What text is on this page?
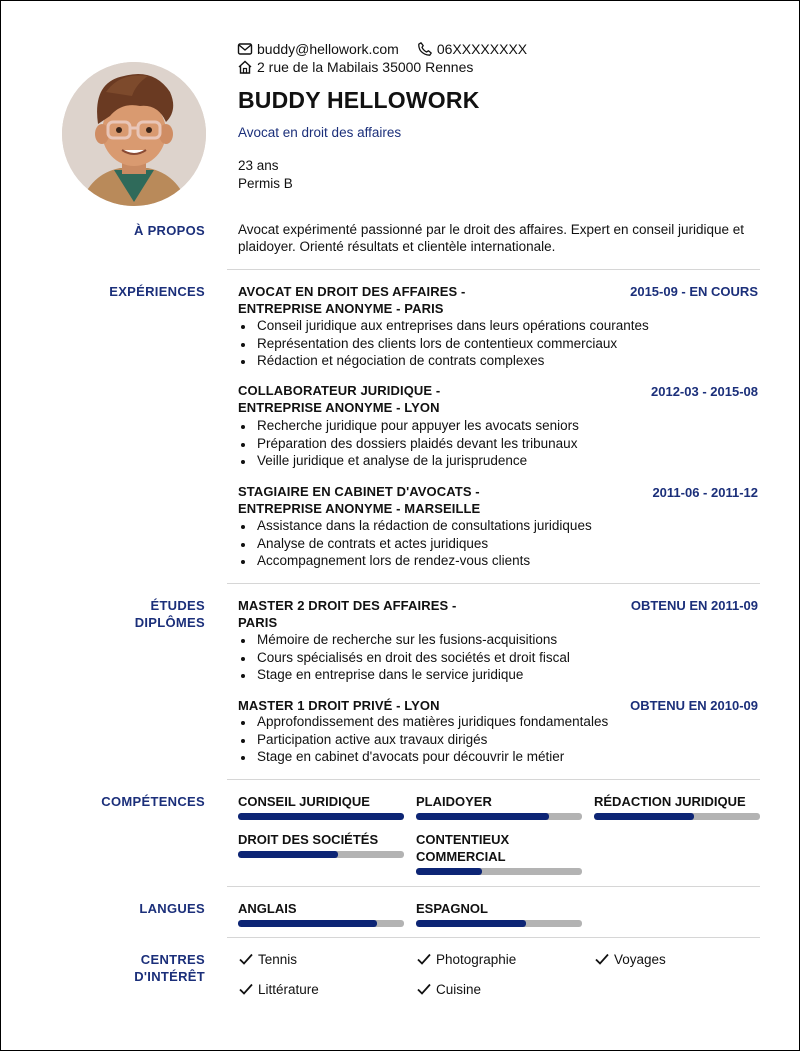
buddy@hellowork.com	06XXXXXXXX
2 rue de la Mabilais 35000 Rennes
BUDDY HELLOWORK
Avocat en droit des affaires
23 ans
Permis B
À PROPOS Avocat expérimenté passionné par le droit des affaires. Expert en conseil juridique et plaidoyer. Orienté résultats et clientèle internationale.
EXPÉRIENCES	AVOCAT EN DROIT DES AFFAIRES -
ENTREPRISE ANONYME - PARIS
2015-09 - EN COURS
Conseil juridique aux entreprises dans leurs opérations courantes
Représentation des clients lors de contentieux commerciaux
Rédaction et négociation de contrats complexes
COLLABORATEUR JURIDIQUE -
ENTREPRISE ANONYME - LYON
2012-03 - 2015-08
Recherche juridique pour appuyer les avocats seniors
Préparation des dossiers plaidés devant les tribunaux
Veille juridique et analyse de la jurisprudence
STAGIAIRE EN CABINET D'AVOCATS -
ENTREPRISE ANONYME - MARSEILLE
2011-06 - 2011-12
Assistance dans la rédaction de consultations juridiques
Analyse de contrats et actes juridiques
Accompagnement lors de rendez-vous clients
ÉTUDES
DIPLÔMES
MASTER 2 DROIT DES AFFAIRES -
PARIS
OBTENU EN 2011-09
Mémoire de recherche sur les fusions-acquisitions
Cours spécialisés en droit des sociétés et droit fiscal
Stage en entreprise dans le service juridique
MASTER 1 DROIT PRIVÉ - LYON	OBTENU EN 2010-09
Approfondissement des matières juridiques fondamentales
Participation active aux travaux dirigés
Stage en cabinet d'avocats pour découvrir le métier
COMPÉTENCES	CONSEIL JURIDIQUE	PLAIDOYER	RÉDACTION JURIDIQUE
DROIT DES SOCIÉTÉS	CONTENTIEUX COMMERCIAL
LANGUES	ANGLAIS	ESPAGNOL
CENTRES
D'INTÉRÊT
Tennis	Photographie	Voyages
Littérature	Cuisine
